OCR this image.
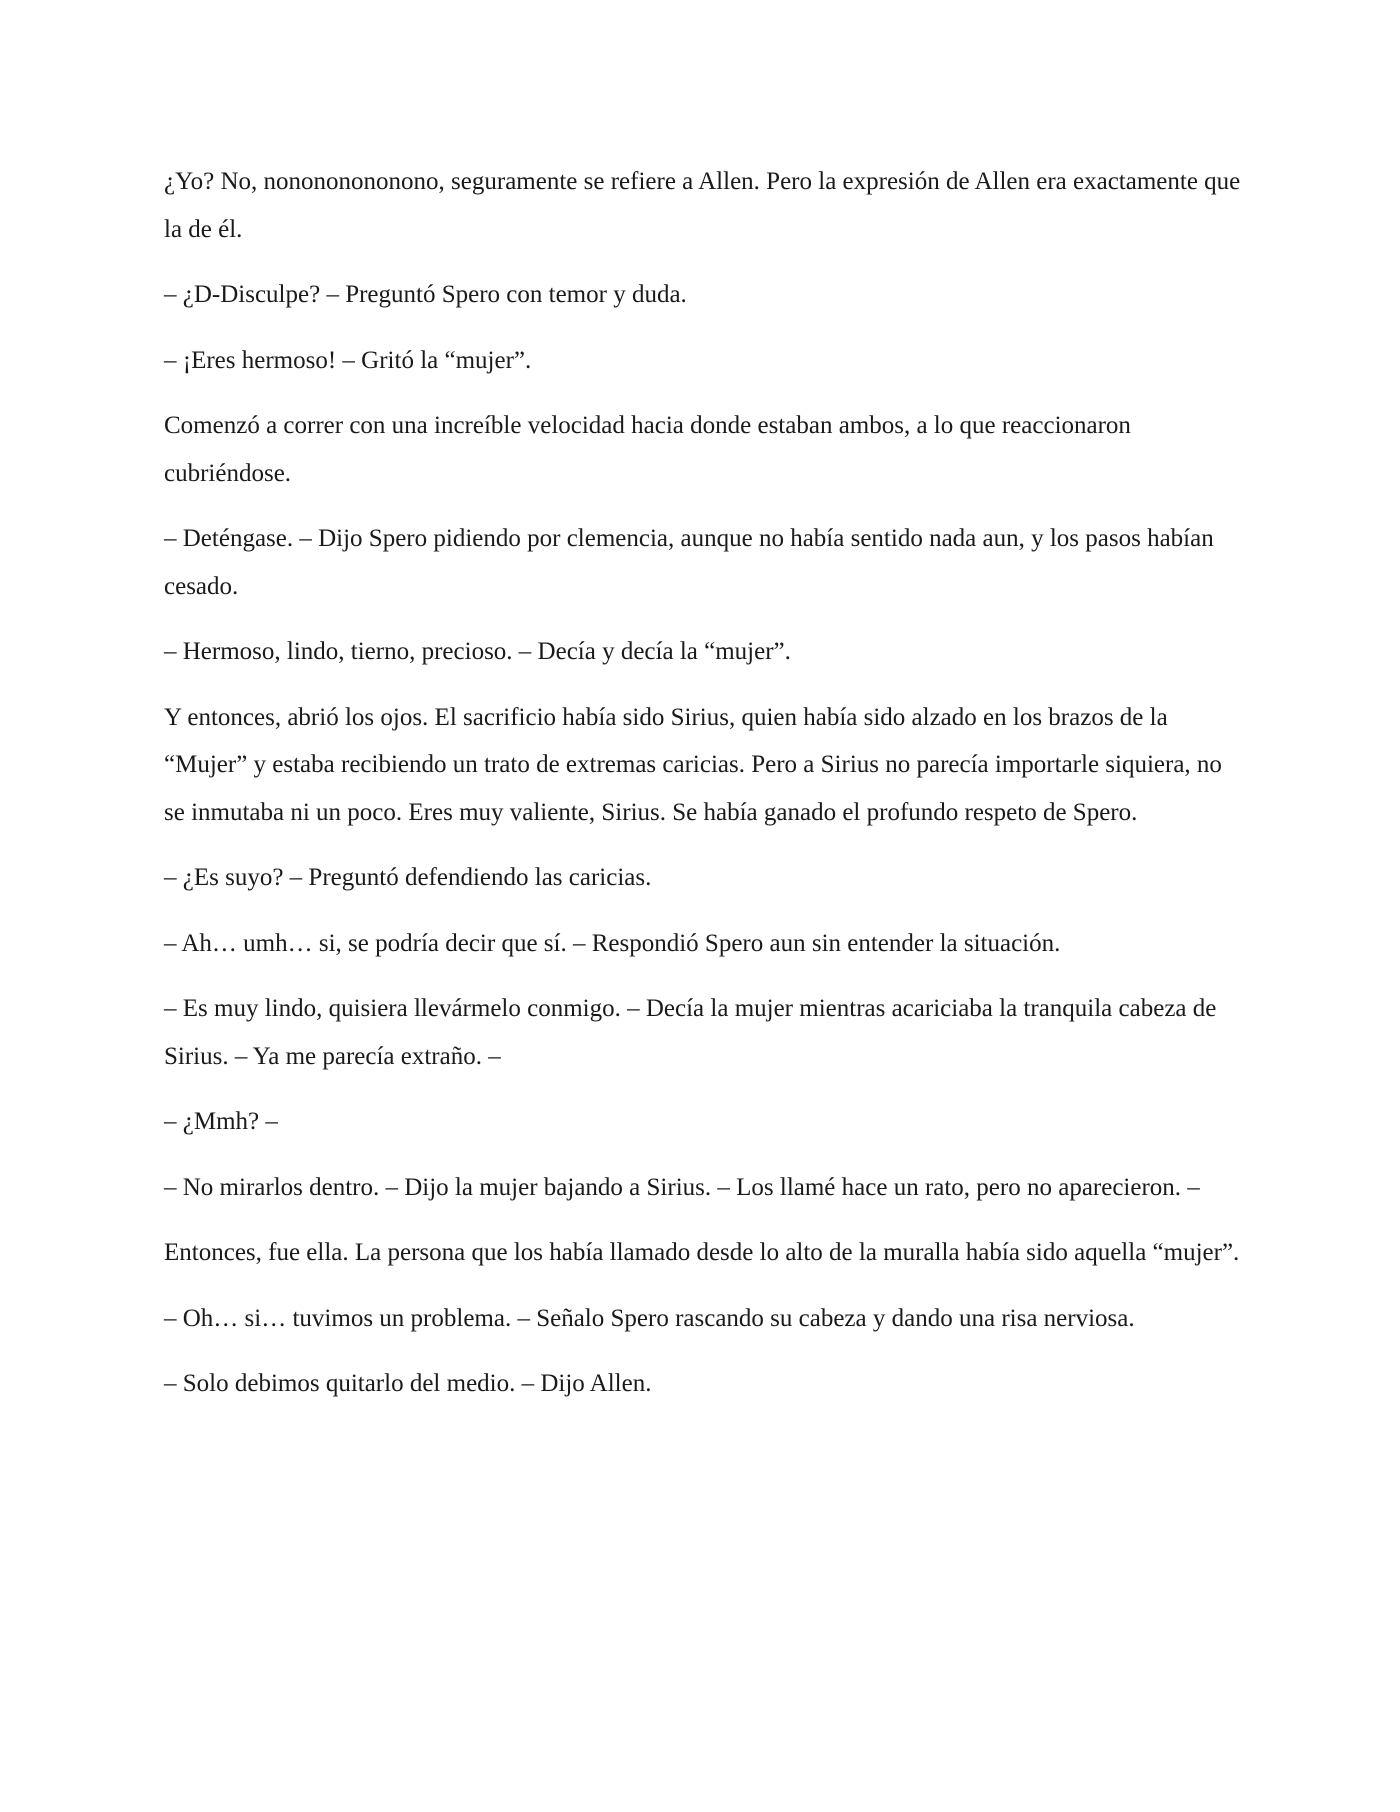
¿Yo? No, nonononononono, seguramente se refiere a Allen. Pero la expresión de Allen era exactamente que la de él.

– ¿D-Disculpe? – Preguntó Spero con temor y duda.

– ¡Eres hermoso! – Gritó la “mujer”.

Comenzó a correr con una increíble velocidad hacia donde estaban ambos, a lo que reaccionaron cubriéndose.

– Deténgase. – Dijo Spero pidiendo por clemencia, aunque no había sentido nada aun, y los pasos habían cesado.

– Hermoso, lindo, tierno, precioso. – Decía y decía la “mujer”.

Y entonces, abrió los ojos. El sacrificio había sido Sirius, quien había sido alzado en los brazos de la “Mujer” y estaba recibiendo un trato de extremas caricias. Pero a Sirius no parecía importarle siquiera, no se inmutaba ni un poco. Eres muy valiente, Sirius. Se había ganado el profundo respeto de Spero.

– ¿Es suyo? – Preguntó defendiendo las caricias.

– Ah… umh… si, se podría decir que sí. – Respondió Spero aun sin entender la situación.

– Es muy lindo, quisiera llevármelo conmigo. – Decía la mujer mientras acariciaba la tranquila cabeza de Sirius. – Ya me parecía extraño. –

– ¿Mmh? –

– No mirarlos dentro. – Dijo la mujer bajando a Sirius. – Los llamé hace un rato, pero no aparecieron. –

Entonces, fue ella. La persona que los había llamado desde lo alto de la muralla había sido aquella “mujer”.

– Oh… si… tuvimos un problema. – Señalo Spero rascando su cabeza y dando una risa nerviosa.

– Solo debimos quitarlo del medio. – Dijo Allen.
